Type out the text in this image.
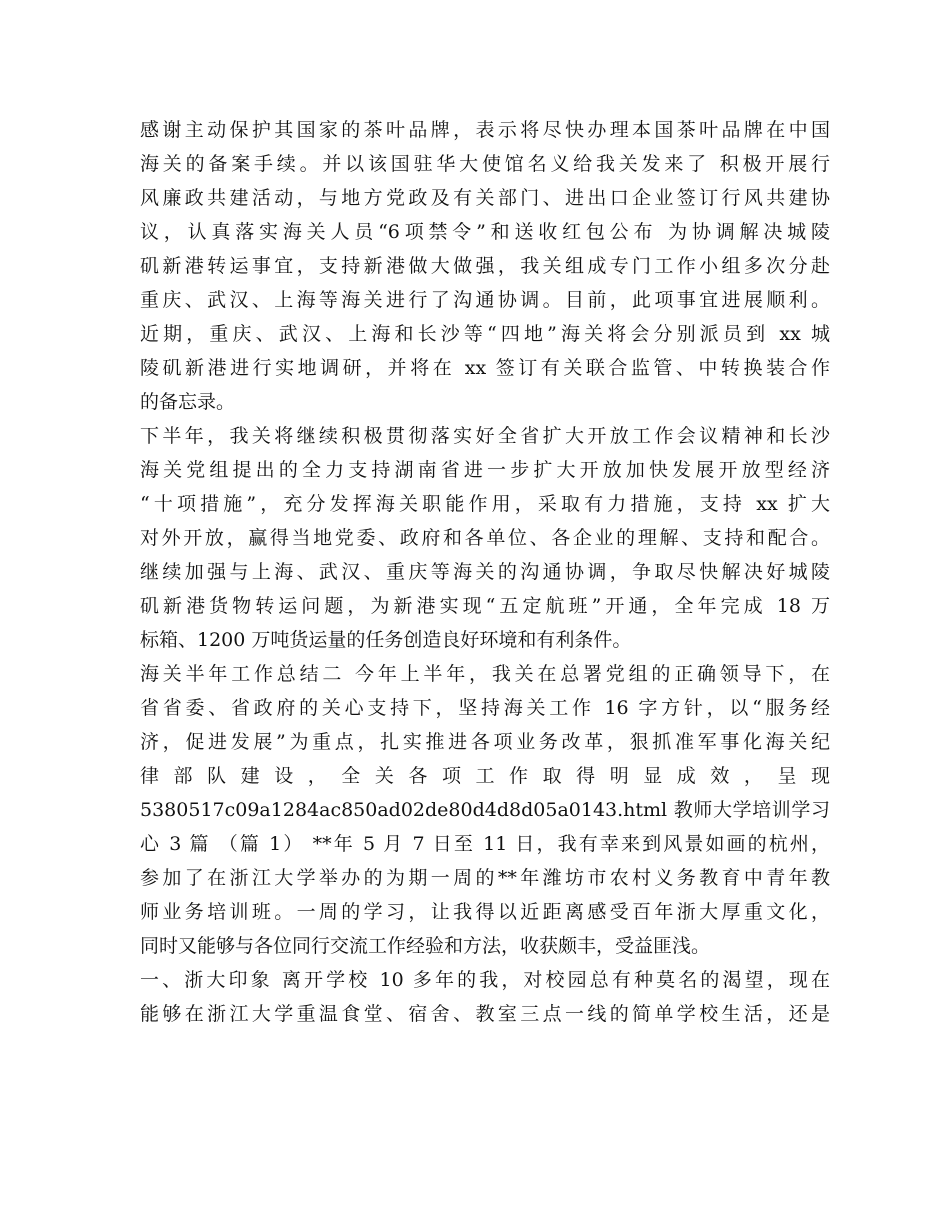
感谢主动保护其国家的茶叶品牌，表示将尽快办理本国茶叶品牌在中国
海关的备案手续。并以该国驻华大使馆名义给我关发来了 积极开展行
风廉政共建活动，与地方党政及有关部门、进出口企业签订行风共建协
议，认真落实海关人员“6项禁令”和送收红包公布 为协调解决城陵
矶新港转运事宜，支持新港做大做强，我关组成专门工作小组多次分赴
重庆、武汉、上海等海关进行了沟通协调。目前，此项事宜进展顺利。
近期，重庆、武汉、上海和长沙等“四地”海关将会分别派员到 xx 城
陵矶新港进行实地调研，并将在 xx 签订有关联合监管、中转换装合作
的备忘录。
下半年，我关将继续积极贯彻落实好全省扩大开放工作会议精神和长沙
海关党组提出的全力支持湖南省进一步扩大开放加快发展开放型经济
“十项措施”，充分发挥海关职能作用，采取有力措施，支持 xx 扩大
对外开放，赢得当地党委、政府和各单位、各企业的理解、支持和配合。
继续加强与上海、武汉、重庆等海关的沟通协调，争取尽快解决好城陵
矶新港货物转运问题，为新港实现“五定航班”开通，全年完成 18 万
标箱、1200 万吨货运量的任务创造良好环境和有利条件。
海关半年工作总结二 今年上半年，我关在总署党组的正确领导下，在
省省委、省政府的关心支持下，坚持海关工作 16 字方针，以“服务经
济，促进发展”为重点，扎实推进各项业务改革，狠抓准军事化海关纪
律 部 队 建 设 ， 全 关 各 项 工 作 取 得 明 显 成 效 ， 呈 现
5380517c09a1284ac850ad02de80d4d8d05a0143.html 教师大学培训学习
心 3 篇 （篇 1） **年 5 月 7 日至 11 日，我有幸来到风景如画的杭州，
参加了在浙江大学举办的为期一周的**年潍坊市农村义务教育中青年教
师业务培训班。一周的学习，让我得以近距离感受百年浙大厚重文化，
同时又能够与各位同行交流工作经验和方法，收获颇丰，受益匪浅。
一、浙大印象 离开学校 10 多年的我，对校园总有种莫名的渴望，现在
能够在浙江大学重温食堂、宿舍、教室三点一线的简单学校生活，还是
